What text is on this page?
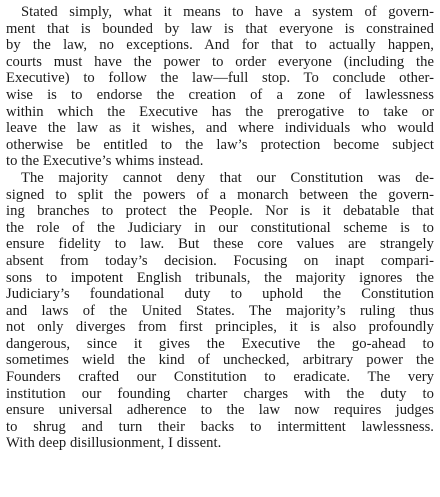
Stated simply, what it means to have a system of govern-
ment that is bounded by law is that everyone is constrained
by the law, no exceptions. And for that to actually happen,
courts must have the power to order everyone (including the
Executive) to follow the law—full stop. To conclude other-
wise is to endorse the creation of a zone of lawlessness
within which the Executive has the prerogative to take or
leave the law as it wishes, and where individuals who would
otherwise be entitled to the law’s protection become subject
to the Executive’s whims instead.
The majority cannot deny that our Constitution was de-
signed to split the powers of a monarch between the govern-
ing branches to protect the People. Nor is it debatable that
the role of the Judiciary in our constitutional scheme is to
ensure fidelity to law. But these core values are strangely
absent from today’s decision. Focusing on inapt compari-
sons to impotent English tribunals, the majority ignores the
Judiciary’s foundational duty to uphold the Constitution
and laws of the United States. The majority’s ruling thus
not only diverges from first principles, it is also profoundly
dangerous, since it gives the Executive the go-ahead to
sometimes wield the kind of unchecked, arbitrary power the
Founders crafted our Constitution to eradicate. The very
institution our founding charter charges with the duty to
ensure universal adherence to the law now requires judges
to shrug and turn their backs to intermittent lawlessness.
With deep disillusionment, I dissent.
